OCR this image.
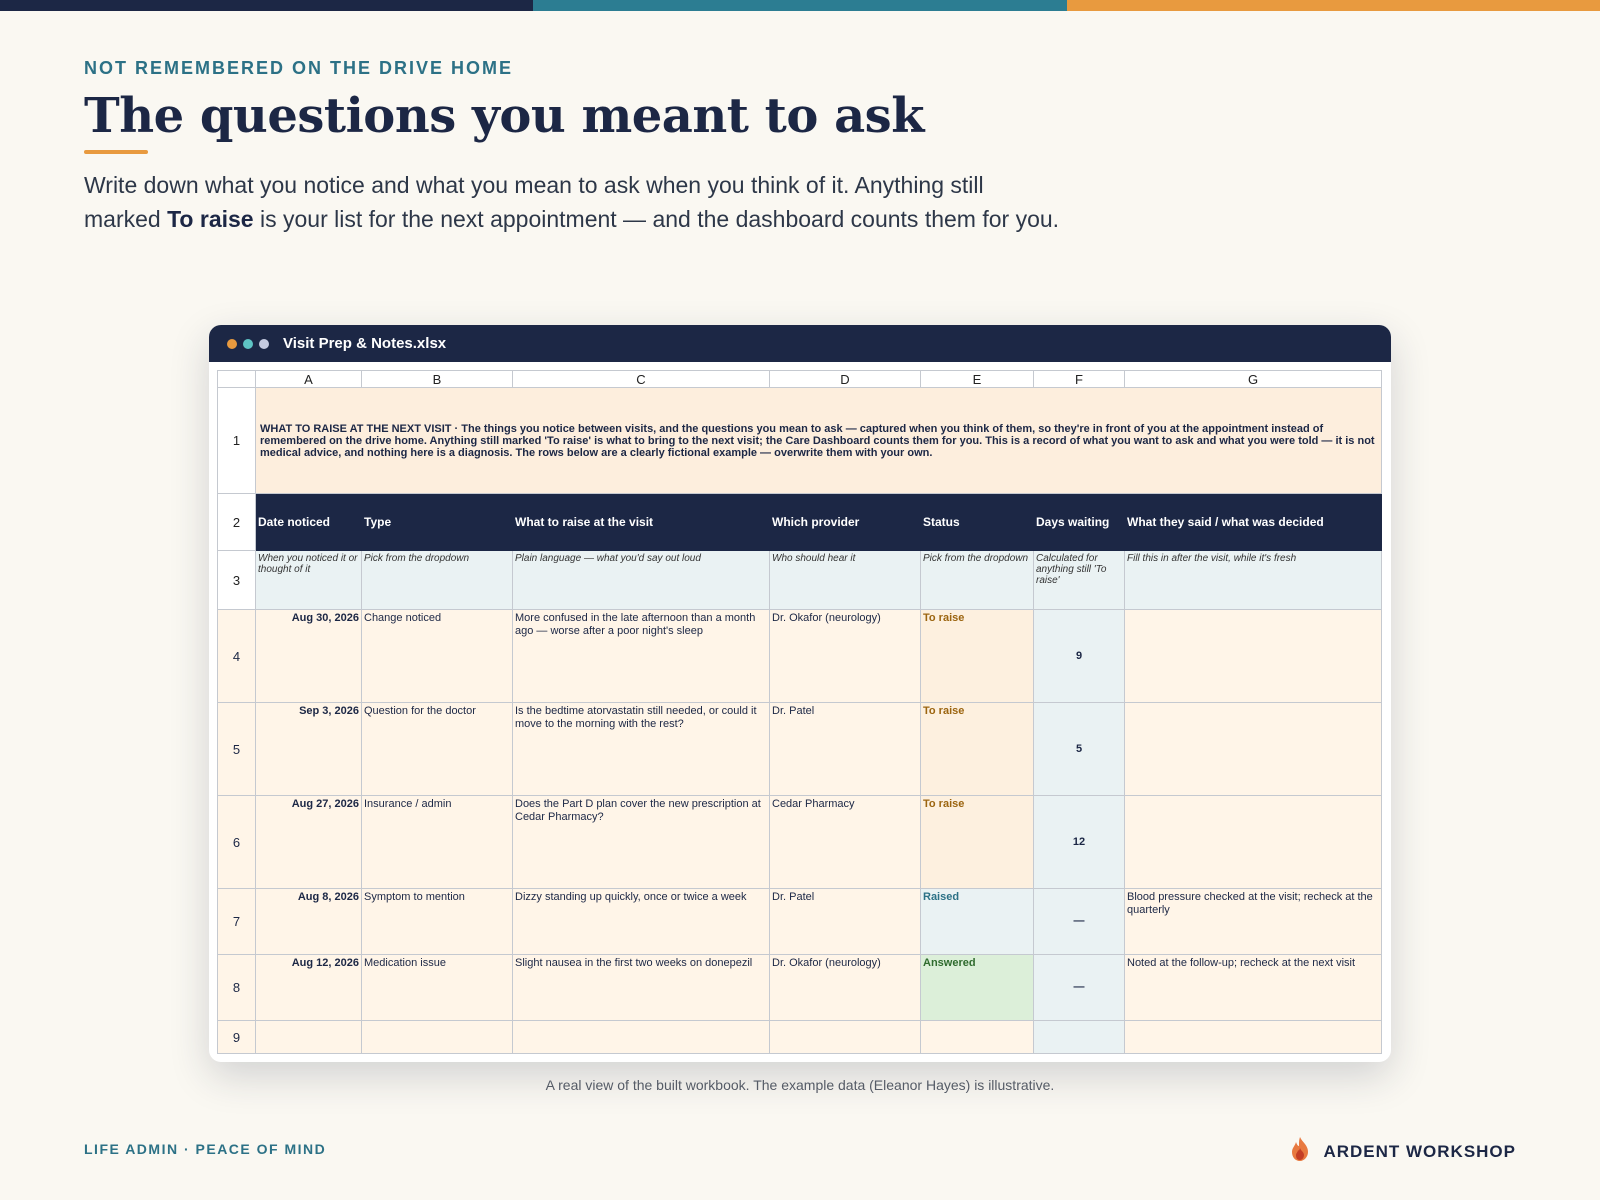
NOT REMEMBERED ON THE DRIVE HOME
The questions you meant to ask

Write down what you notice and what you mean to ask when you think of it. Anything still marked To raise is your list for the next appointment — and the dashboard counts them for you.

Visit Prep & Notes.xlsx
	A	B	C	D	E	F	G
1	WHAT TO RAISE AT THE NEXT VISIT · The things you notice between visits, and the questions you mean to ask — captured when you think of them, so they're in front of you at the appointment instead of remembered on the drive home. Anything still marked 'To raise' is what to bring to the next visit; the Care Dashboard counts them for you. This is a record of what you want to ask and what you were told — it is not medical advice, and nothing here is a diagnosis. The rows below are a clearly fictional example — overwrite them with your own.						
2	Date noticed	Type	What to raise at the visit	Which provider	Status	Days waiting	What they said / what was decided
3	When you noticed it or thought of it	Pick from the dropdown	Plain language — what you'd say out loud	Who should hear it	Pick from the dropdown	Calculated for anything still 'To raise'	Fill this in after the visit, while it's fresh
4	Aug 30, 2026	Change noticed	More confused in the late afternoon than a month ago — worse after a poor night's sleep	Dr. Okafor (neurology)	To raise	9	
5	Sep 3, 2026	Question for the doctor	Is the bedtime atorvastatin still needed, or could it move to the morning with the rest?	Dr. Patel	To raise	5	
6	Aug 27, 2026	Insurance / admin	Does the Part D plan cover the new prescription at Cedar Pharmacy?	Cedar Pharmacy	To raise	12	
7	Aug 8, 2026	Symptom to mention	Dizzy standing up quickly, once or twice a week	Dr. Patel	Raised	—	Blood pressure checked at the visit; recheck at the quarterly
8	Aug 12, 2026	Medication issue	Slight nausea in the first two weeks on donepezil	Dr. Okafor (neurology)	Answered	—	Noted at the follow-up; recheck at the next visit
9							
A real view of the built workbook. The example data (Eleanor Hayes) is illustrative.
LIFE ADMIN · PEACE OF MIND	ARDENT WORKSHOP
